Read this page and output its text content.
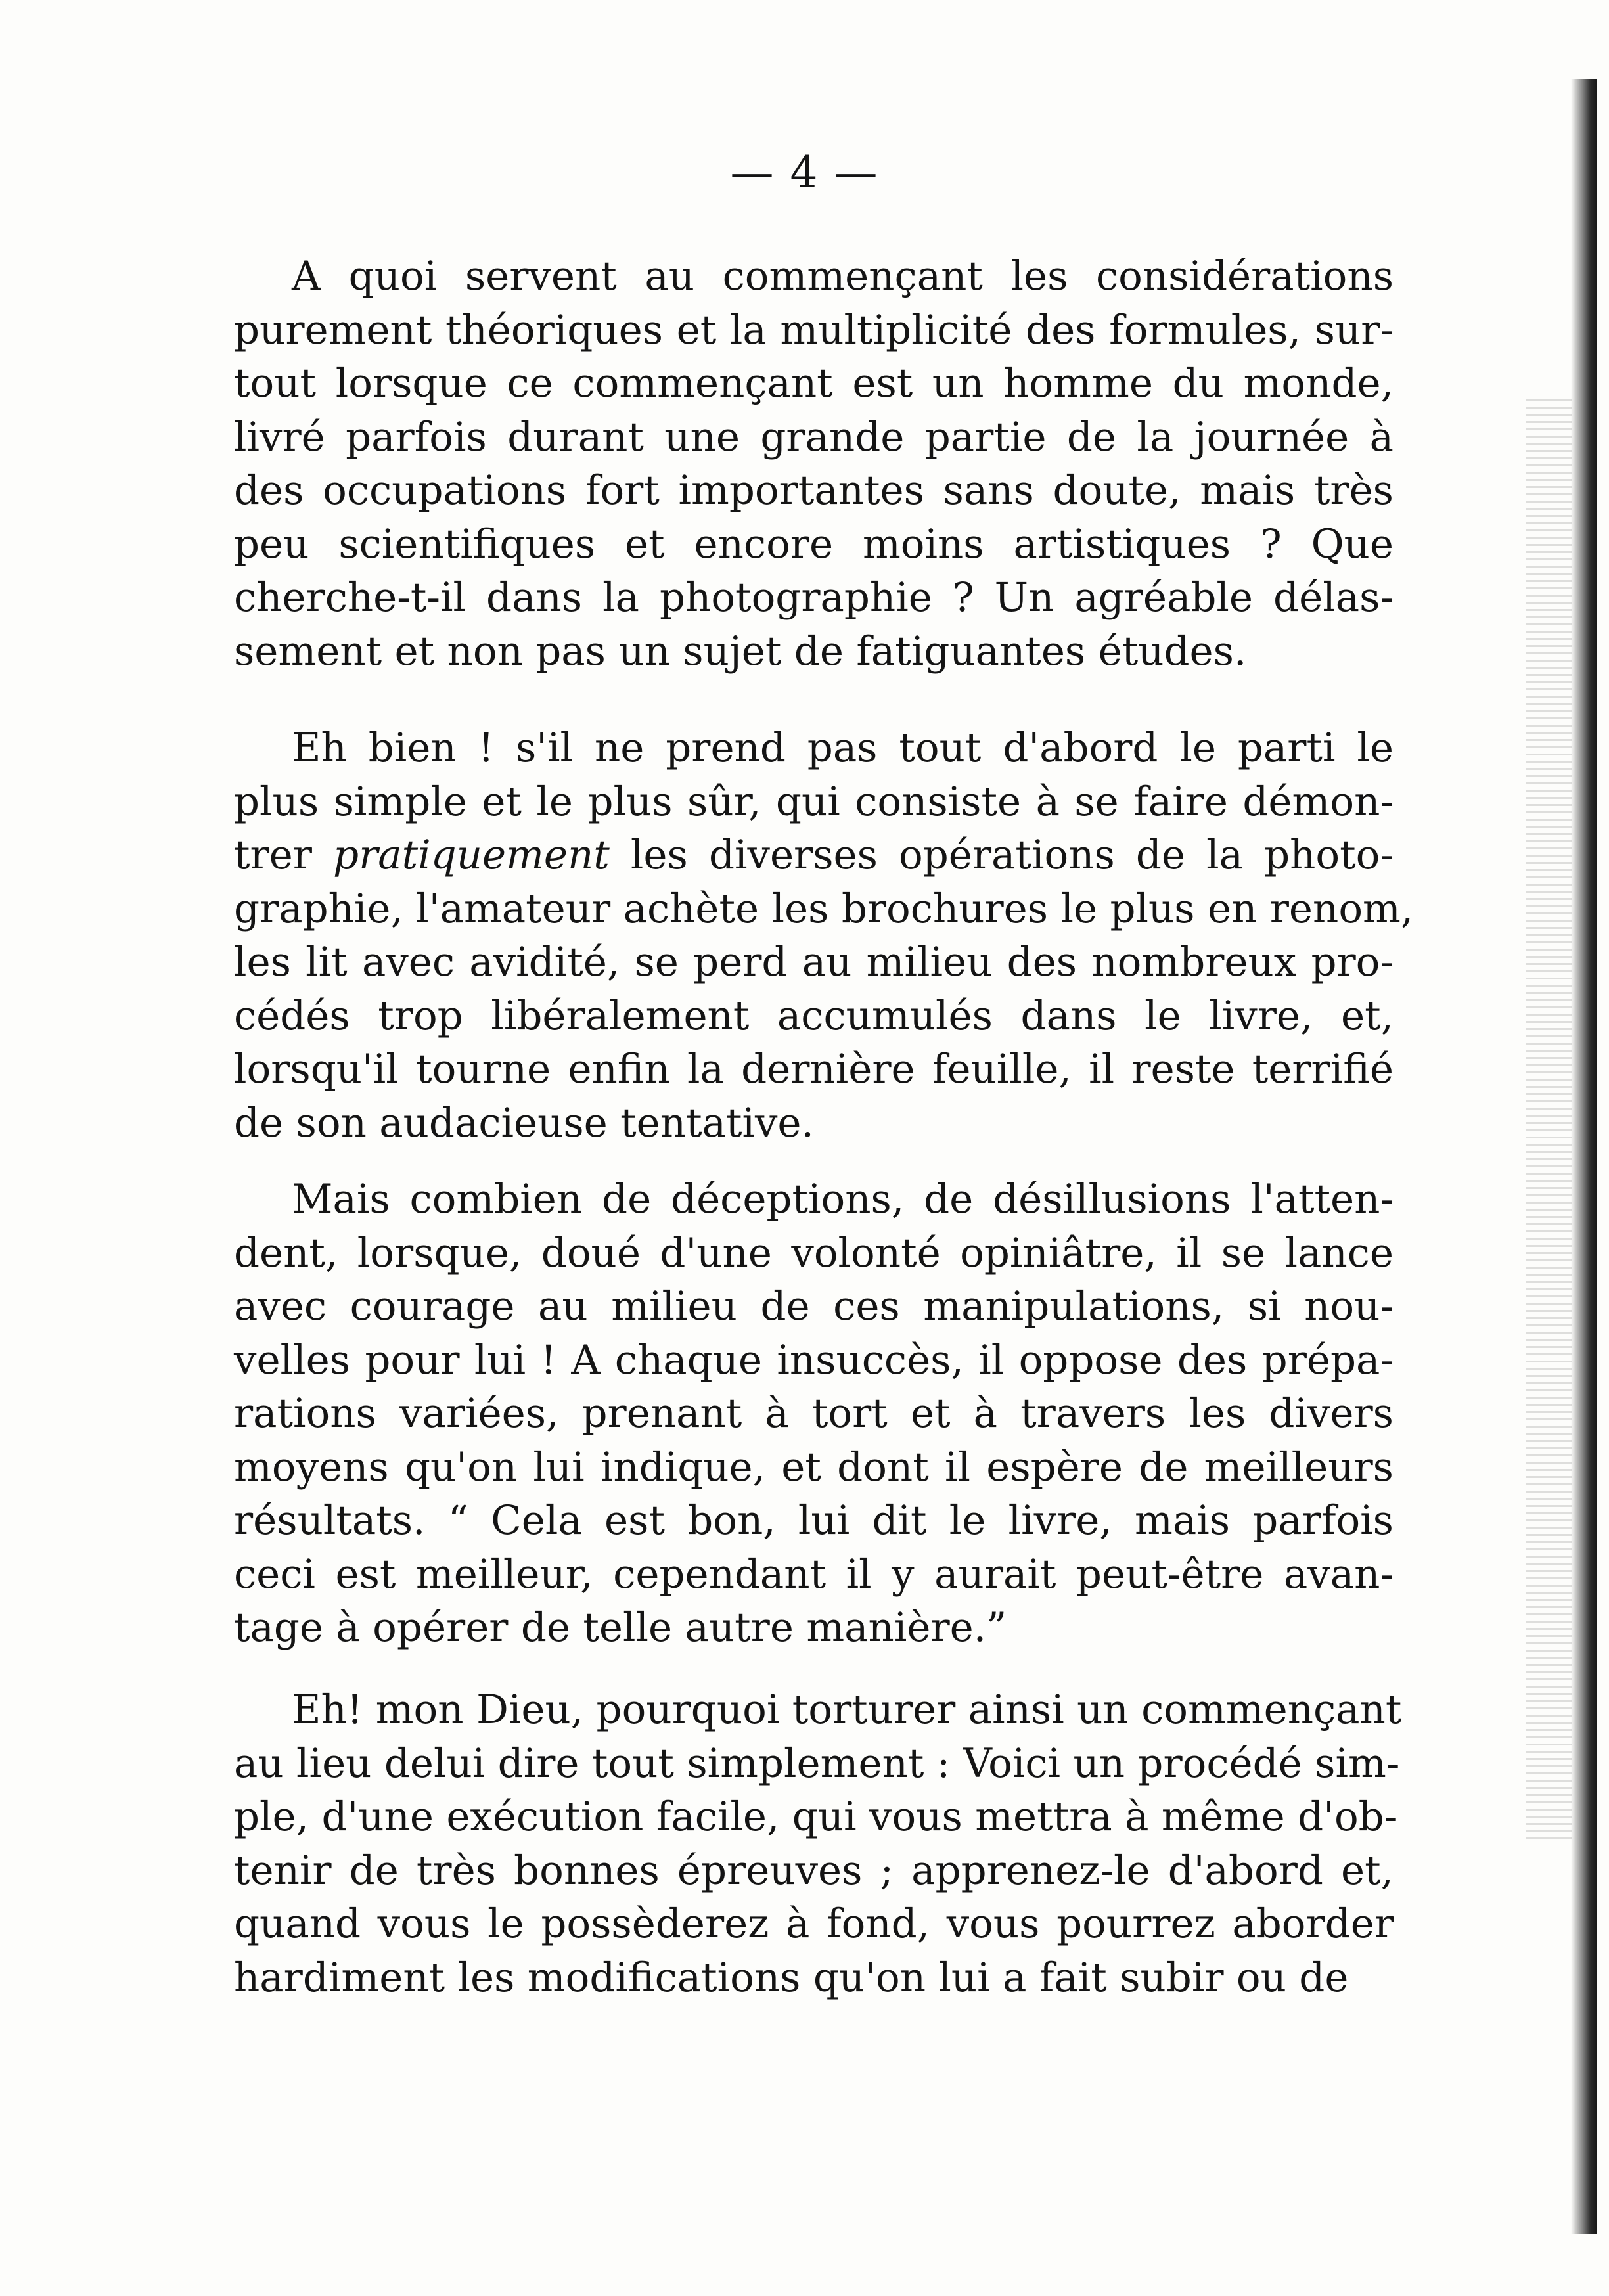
— 4 —

A quoi servent au commençant les considérations
purement théoriques et la multiplicité des formules, sur-
tout lorsque ce commençant est un homme du monde,
livré parfois durant une grande partie de la journée à
des occupations fort importantes sans doute, mais très
peu scientifiques et encore moins artistiques ? Que
cherche-t-il dans la photographie ? Un agréable délas-
sement et non pas un sujet de fatiguantes études.

Eh bien ! s'il ne prend pas tout d'abord le parti le
plus simple et le plus sûr, qui consiste à se faire démon-
trer pratiquement les diverses opérations de la photo-
graphie, l'amateur achète les brochures le plus en renom,
les lit avec avidité, se perd au milieu des nombreux pro-
cédés trop libéralement accumulés dans le livre, et,
lorsqu'il tourne enfin la dernière feuille, il reste terrifié
de son audacieuse tentative.

Mais combien de déceptions, de désillusions l'atten-
dent, lorsque, doué d'une volonté opiniâtre, il se lance
avec courage au milieu de ces manipulations, si nou-
velles pour lui ! A chaque insuccès, il oppose des prépa-
rations variées, prenant à tort et à travers les divers
moyens qu'on lui indique, et dont il espère de meilleurs
résultats. “ Cela est bon, lui dit le livre, mais parfois
ceci est meilleur, cependant il y aurait peut-être avan-
tage à opérer de telle autre manière.”

Eh! mon Dieu, pourquoi torturer ainsi un commençant
au lieu delui dire tout simplement : Voici un procédé sim-
ple, d'une exécution facile, qui vous mettra à même d'ob-
tenir de très bonnes épreuves ; apprenez-le d'abord et,
quand vous le possèderez à fond, vous pourrez aborder
hardiment les modifications qu'on lui a fait subir ou de
